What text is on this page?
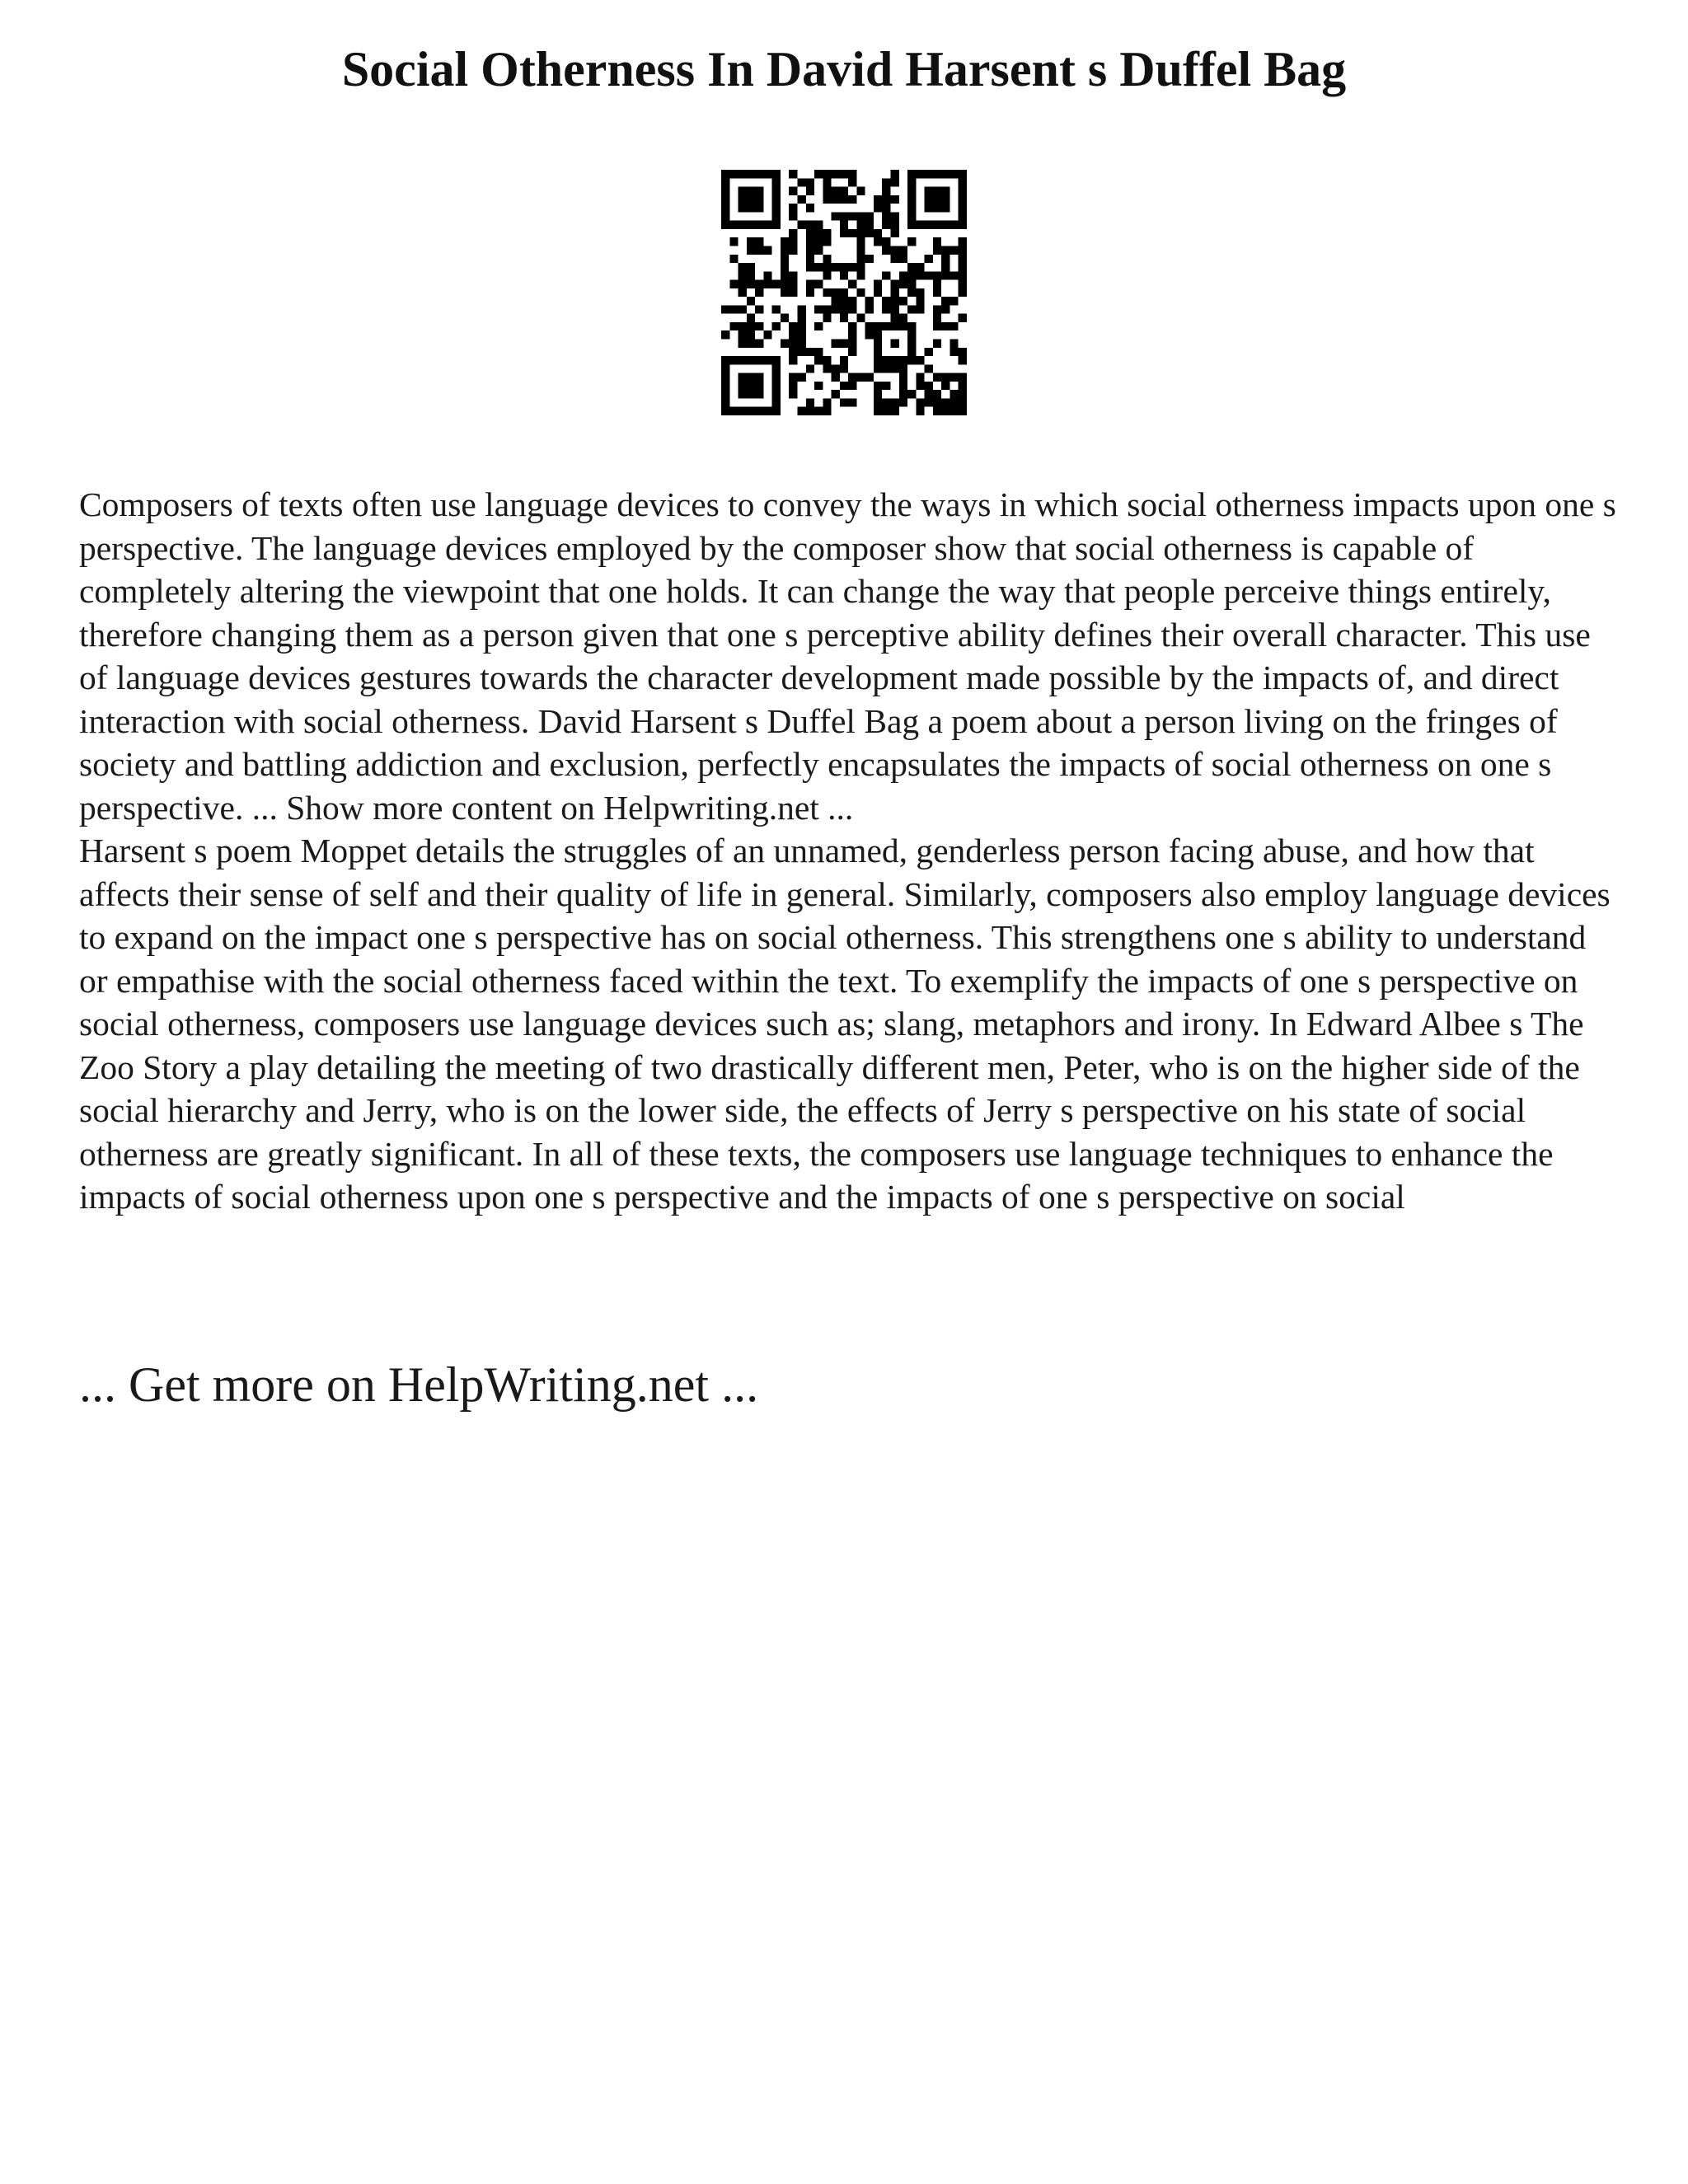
Social Otherness In David Harsent s Duffel Bag

Composers of texts often use language devices to convey the ways in which social otherness impacts upon one s perspective. The language devices employed by the composer show that social otherness is capable of completely altering the viewpoint that one holds. It can change the way that people perceive things entirely, therefore changing them as a person given that one s perceptive ability defines their overall character. This use of language devices gestures towards the character development made possible by the impacts of, and direct interaction with social otherness. David Harsent s Duffel Bag a poem about a person living on the fringes of society and battling addiction and exclusion, perfectly encapsulates the impacts of social otherness on one s perspective. ... Show more content on Helpwriting.net ...

Harsent s poem Moppet details the struggles of an unnamed, genderless person facing abuse, and how that affects their sense of self and their quality of life in general. Similarly, composers also employ language devices to expand on the impact one s perspective has on social otherness. This strengthens one s ability to understand or empathise with the social otherness faced within the text. To exemplify the impacts of one s perspective on social otherness, composers use language devices such as; slang, metaphors and irony. In Edward Albee s The Zoo Story a play detailing the meeting of two drastically different men, Peter, who is on the higher side of the social hierarchy and Jerry, who is on the lower side, the effects of Jerry s perspective on his state of social otherness are greatly significant. In all of these texts, the composers use language techniques to enhance the impacts of social otherness upon one s perspective and the impacts of one s perspective on social

... Get more on HelpWriting.net ...
